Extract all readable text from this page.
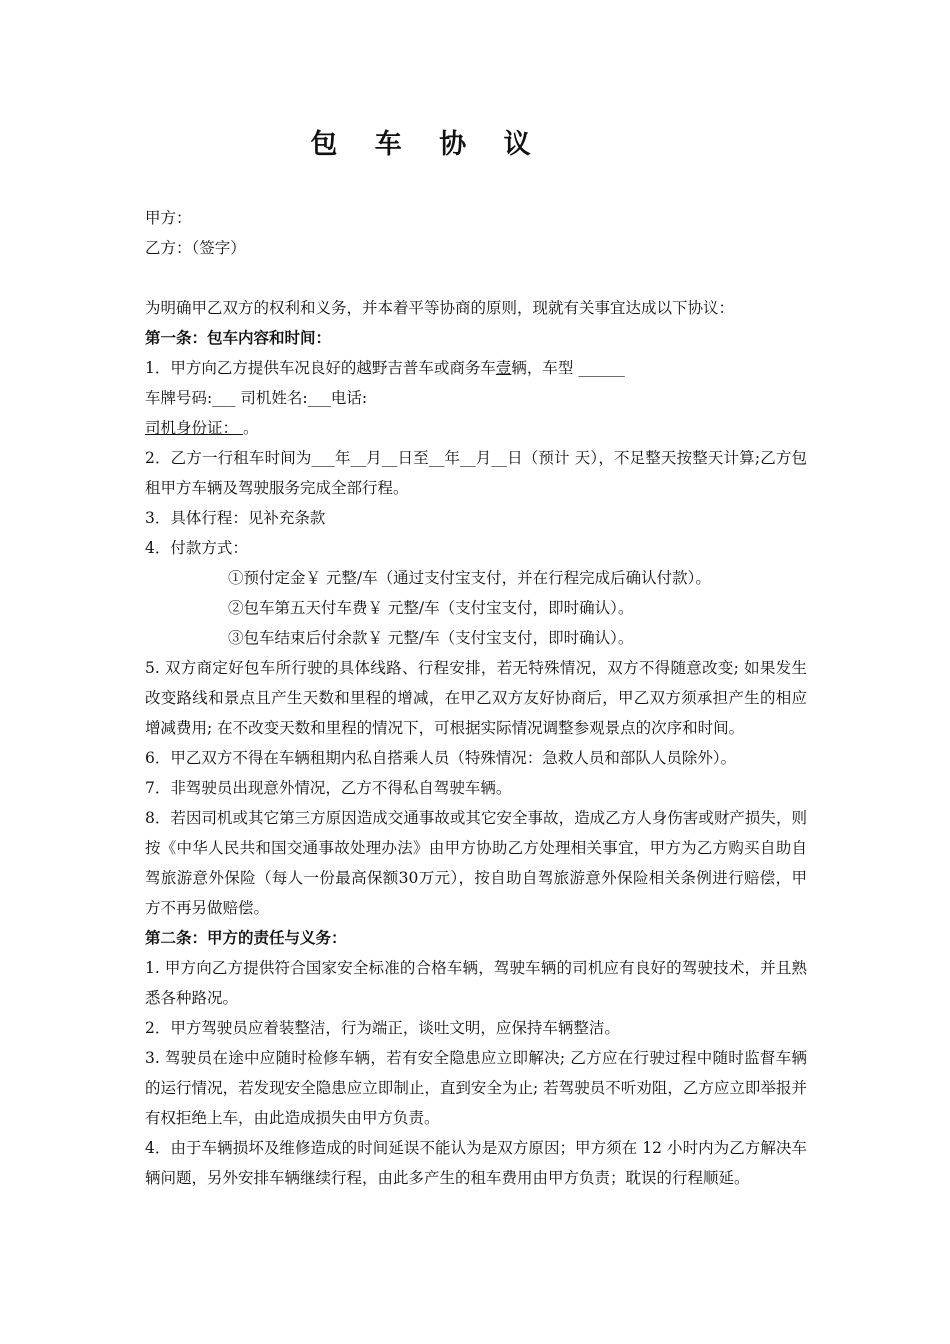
包 车 协 议

甲方：

乙方：（签字）

为明确甲乙双方的权利和义务，并本着平等协商的原则，现就有关事宜达成以下协议：

第一条：包车内容和时间：

1．甲方向乙方提供车况良好的越野吉普车或商务车壹辆，车型 ______

车牌号码:___ 司机姓名:___电话:

司机身份证： 。

2．乙方一行租车时间为___年__月__日至__年__月__日（预计 天），不足整天按整天计算;乙方包租甲方车辆及驾驶服务完成全部行程。

3．具体行程：见补充条款

4．付款方式：

①预付定金￥ 元整/车（通过支付宝支付，并在行程完成后确认付款）。

②包车第五天付车费￥ 元整/车（支付宝支付，即时确认）。

③包车结束后付余款￥ 元整/车（支付宝支付，即时确认）。

5. 双方商定好包车所行驶的具体线路、行程安排，若无特殊情况，双方不得随意改变; 如果发生改变路线和景点且产生天数和里程的增减，在甲乙双方友好协商后，甲乙双方须承担产生的相应增减费用; 在不改变天数和里程的情况下，可根据实际情况调整参观景点的次序和时间。

6．甲乙双方不得在车辆租期内私自搭乘人员（特殊情况：急救人员和部队人员除外）。

7．非驾驶员出现意外情况，乙方不得私自驾驶车辆。

8．若因司机或其它第三方原因造成交通事故或其它安全事故，造成乙方人身伤害或财产损失，则按《中华人民共和国交通事故处理办法》由甲方协助乙方处理相关事宜，甲方为乙方购买自助自驾旅游意外保险（每人一份最高保额30万元），按自助自驾旅游意外保险相关条例进行赔偿，甲方不再另做赔偿。

第二条：甲方的责任与义务：

1. 甲方向乙方提供符合国家安全标准的合格车辆，驾驶车辆的司机应有良好的驾驶技术，并且熟悉各种路况。

2．甲方驾驶员应着装整洁，行为端正，谈吐文明，应保持车辆整洁。

3. 驾驶员在途中应随时检修车辆，若有安全隐患应立即解决; 乙方应在行驶过程中随时监督车辆的运行情况，若发现安全隐患应立即制止，直到安全为止; 若驾驶员不听劝阻，乙方应立即举报并有权拒绝上车，由此造成损失由甲方负责。

4．由于车辆损坏及维修造成的时间延误不能认为是双方原因；甲方须在 12 小时内为乙方解决车辆问题，另外安排车辆继续行程，由此多产生的租车费用由甲方负责；耽误的行程顺延。
